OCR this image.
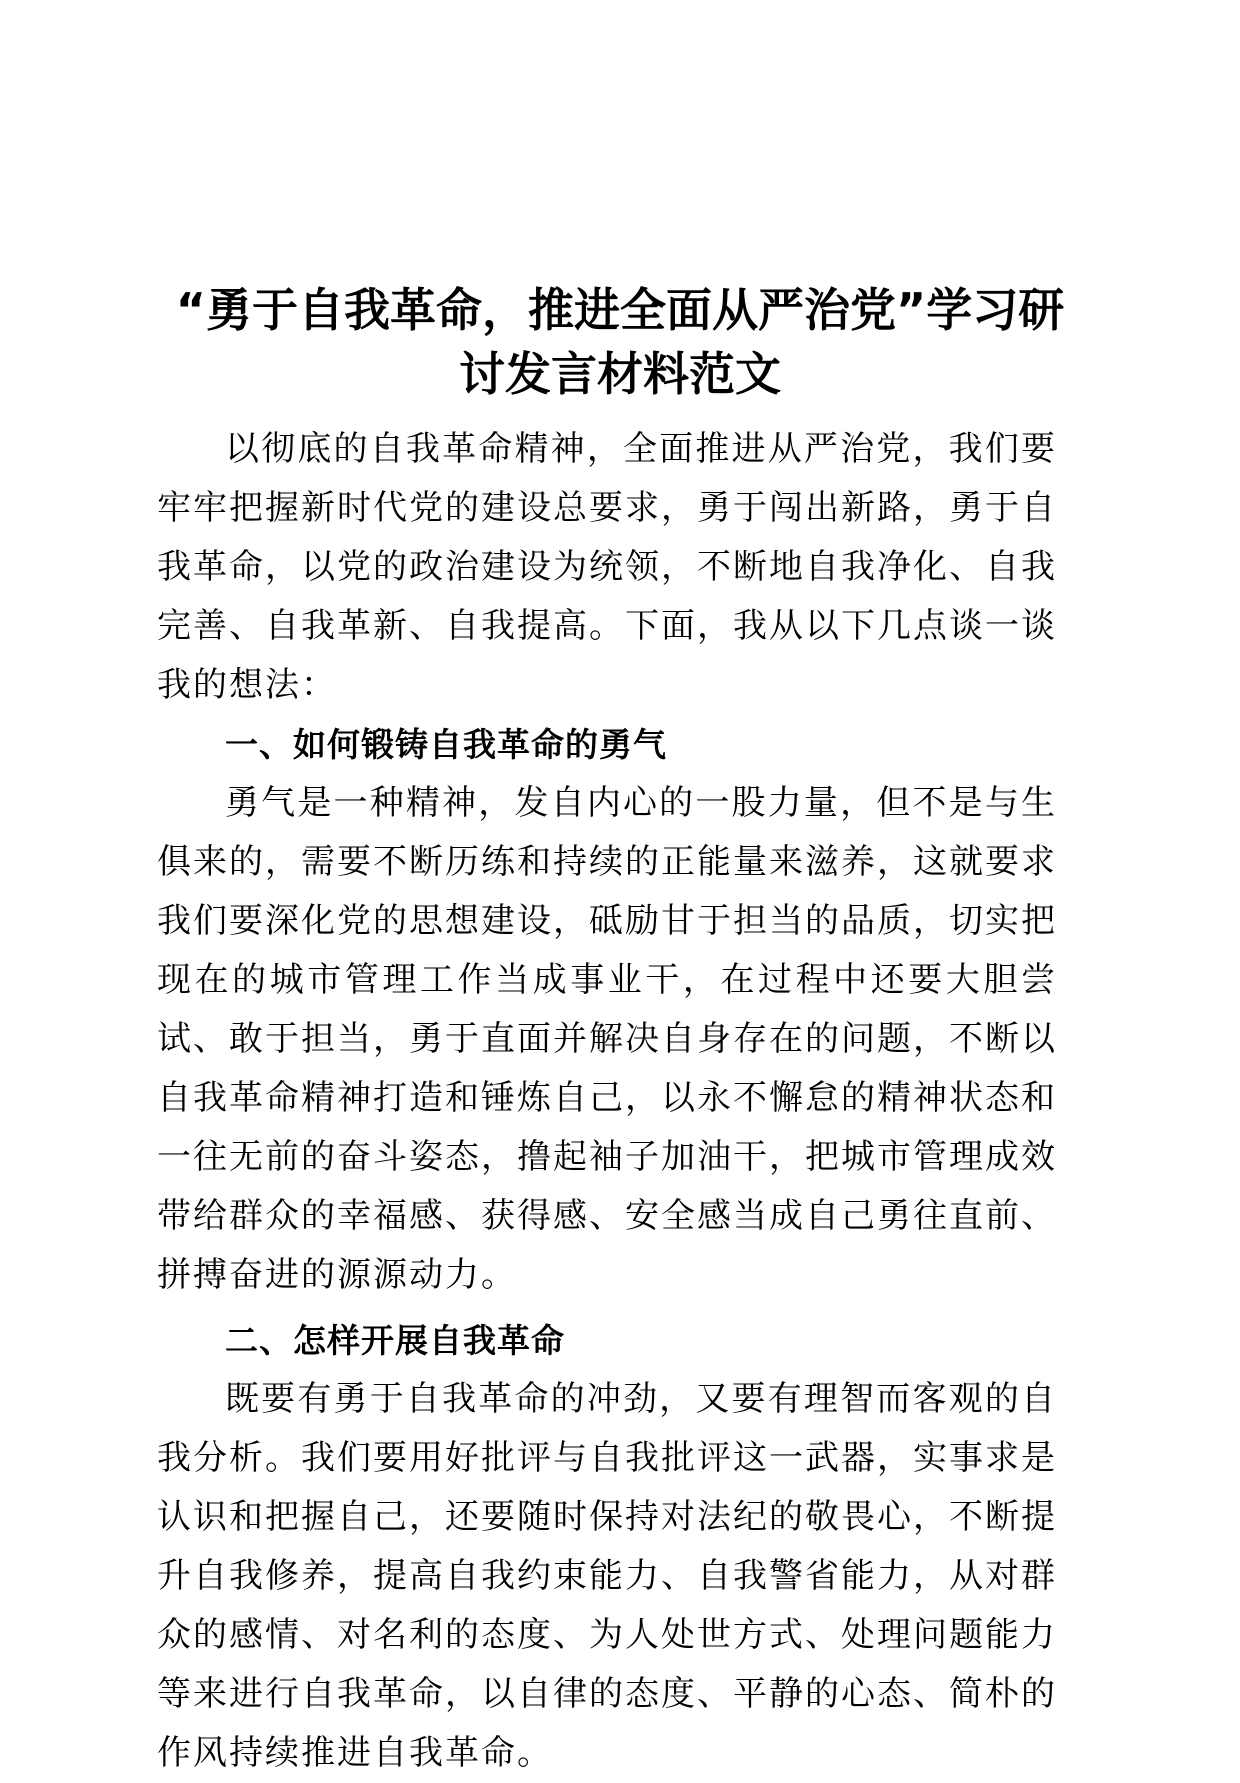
“勇于自我革命，推进全面从严治党”学习研
讨发言材料范文

以彻底的自我革命精神，全面推进从严治党，我们要牢牢把握新时代党的建设总要求，勇于闯出新路，勇于自我革命，以党的政治建设为统领，不断地自我净化、自我完善、自我革新、自我提高。下面，我从以下几点谈一谈我的想法：

一、如何锻铸自我革命的勇气

勇气是一种精神，发自内心的一股力量，但不是与生俱来的，需要不断历练和持续的正能量来滋养，这就要求我们要深化党的思想建设，砥励甘于担当的品质，切实把现在的城市管理工作当成事业干，在过程中还要大胆尝试、敢于担当，勇于直面并解决自身存在的问题，不断以自我革命精神打造和锤炼自己，以永不懈怠的精神状态和一往无前的奋斗姿态，撸起袖子加油干，把城市管理成效带给群众的幸福感、获得感、安全感当成自己勇往直前、拼搏奋进的源源动力。

二、怎样开展自我革命

既要有勇于自我革命的冲劲，又要有理智而客观的自我分析。我们要用好批评与自我批评这一武器，实事求是认识和把握自己，还要随时保持对法纪的敬畏心，不断提升自我修养，提高自我约束能力、自我警省能力，从对群众的感情、对名利的态度、为人处世方式、处理问题能力等来进行自我革命，以自律的态度、平静的心态、简朴的作风持续推进自我革命。
